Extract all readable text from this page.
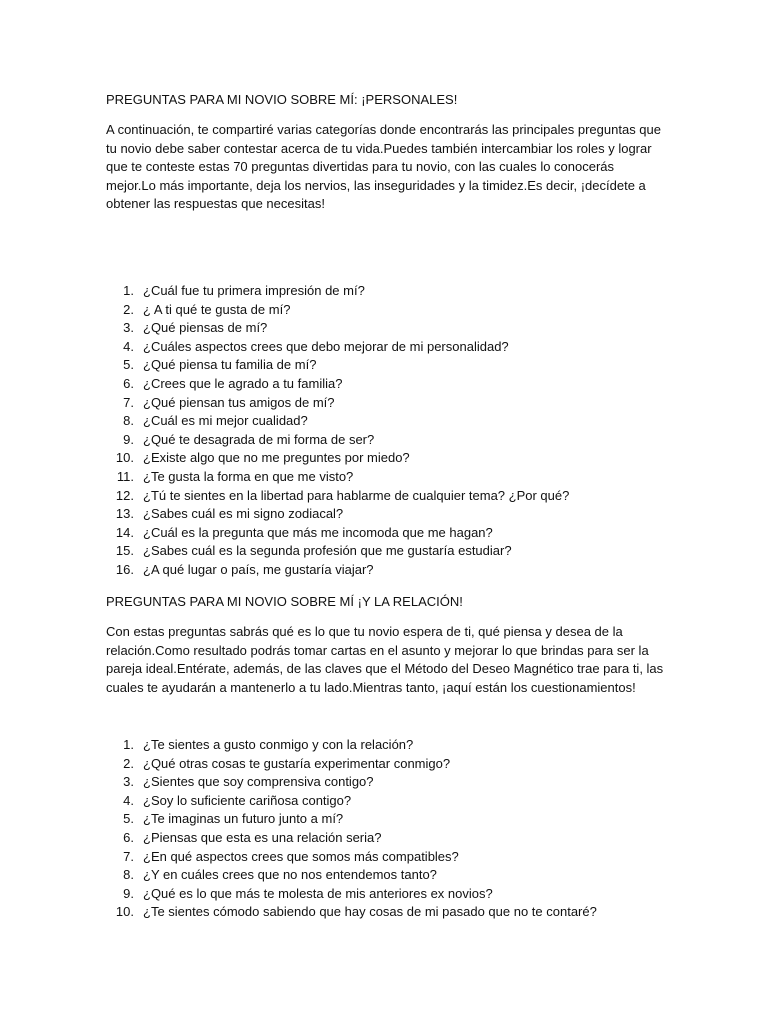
PREGUNTAS PARA MI NOVIO SOBRE MÍ: ¡PERSONALES!

A continuación, te compartiré varias categorías donde encontrarás las principales preguntas que tu novio debe saber contestar acerca de tu vida.Puedes también intercambiar los roles y lograr que te conteste estas 70 preguntas divertidas para tu novio, con las cuales lo conocerás mejor.Lo más importante, deja los nervios, las inseguridades y la timidez.Es decir, ¡decídete a obtener las respuestas que necesitas!

1. ¿Cuál fue tu primera impresión de mí?
2. ¿ A ti qué te gusta de mí?
3. ¿Qué piensas de mí?
4. ¿Cuáles aspectos crees que debo mejorar de mi personalidad?
5. ¿Qué piensa tu familia de mí?
6. ¿Crees que le agrado a tu familia?
7. ¿Qué piensan tus amigos de mí?
8. ¿Cuál es mi mejor cualidad?
9. ¿Qué te desagrada de mi forma de ser?
10. ¿Existe algo que no me preguntes por miedo?
11. ¿Te gusta la forma en que me visto?
12. ¿Tú te sientes en la libertad para hablarme de cualquier tema? ¿Por qué?
13. ¿Sabes cuál es mi signo zodiacal?
14. ¿Cuál es la pregunta que más me incomoda que me hagan?
15. ¿Sabes cuál es la segunda profesión que me gustaría estudiar?
16. ¿A qué lugar o país, me gustaría viajar?
PREGUNTAS PARA MI NOVIO SOBRE MÍ ¡Y LA RELACIÓN!

Con estas preguntas sabrás qué es lo que tu novio espera de ti, qué piensa y desea de la relación.Como resultado podrás tomar cartas en el asunto y mejorar lo que brindas para ser la pareja ideal.Entérate, además, de las claves que el Método del Deseo Magnético trae para ti, las cuales te ayudarán a mantenerlo a tu lado.Mientras tanto, ¡aquí están los cuestionamientos!

1. ¿Te sientes a gusto conmigo y con la relación?
2. ¿Qué otras cosas te gustaría experimentar conmigo?
3. ¿Sientes que soy comprensiva contigo?
4. ¿Soy lo suficiente cariñosa contigo?
5. ¿Te imaginas un futuro junto a mí?
6. ¿Piensas que esta es una relación seria?
7. ¿En qué aspectos crees que somos más compatibles?
8. ¿Y en cuáles crees que no nos entendemos tanto?
9. ¿Qué es lo que más te molesta de mis anteriores ex novios?
10. ¿Te sientes cómodo sabiendo que hay cosas de mi pasado que no te contaré?
